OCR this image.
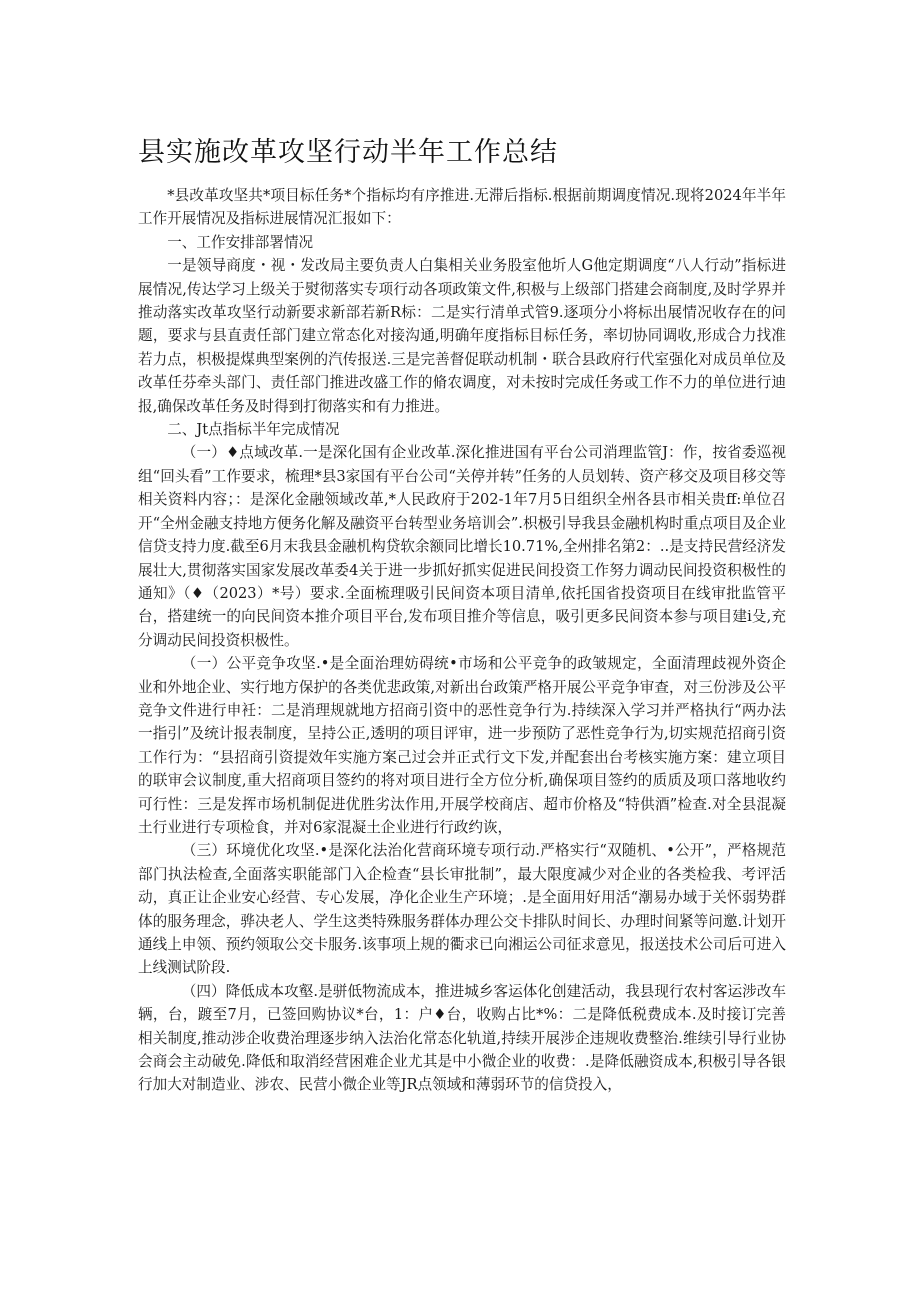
县实施改革攻坚行动半年工作总结

*县改革攻坚共*项目标任务*个指标均有序推进.无滞后指标.根据前期调度情况.现将2024年半年工作开展情况及指标进展情况汇报如下：

一、工作安排部署情况

一是领导商度・视・发改局主要负责人白集相关业务股室他圻人G他定期调度“八人行动”指标进展情况,传达学习上级关于熨彻落实专项行动各项政策文件,积极与上级部门搭建会商制度,及时学界并推动落实改革攻坚行动新要求新部若新R标：二是实行清单式管9.逐项分小将标出展情况收存在的问题，要求与县直责任部门建立常态化对接沟通,明确年度指标目标任务，率切协同调收,形成合力找准若力点，枳极提煤典型案例的汽传报送.三是完善督促联动机制・联合县政府行代室强化对成员单位及改革任芬牵头部门、责任部门推进改盛工作的脩农调度，对未按时完成任务或工作不力的单位进行迪报,确保改革任务及时得到打彻落实和有力推进。

二、Jt点指标半年完成情况

（一）♦点域改革.一是深化国有企业改革.深化推进国有平台公司消理监管J：作，按省委巡视组“回头看”工作要求，梳理*县3家国有平台公司“关停并转”任务的人员划转、资产移交及项目移交等相关资料内容；：是深化金融领域改革,*人民政府于202-1年7月5日组织全州各县市相关贵ff:单位召开“全州金融支持地方便务化解及融资平台转型业务培训会”.枳极引导我县金融机构时重点项目及企业信贷支持力度.截至6月末我县金融机构贷软余额同比增长10.71%,全州排名第2：..是支持民营经济发展壮大,贯彻落实国家发展改革委4关于进一步抓好抓实促进民间投资工作努力调动民间投资积极性的通知》（♦（2023）*号）要求.全面梳理吸引民间资本项目清单,依托国省投资项目在线审批监管平台，搭建统一的向民间资本推介项目平台,发布项目推介等信息，吸引更多民间资本参与项目建i殳,充分调动民间投资枳极性。

（一）公平竞争攻坚.•是全面治理妨碍统•市场和公平竞争的政皱规定，全面清理歧视外资企业和外地企业、实行地方保护的各类优悲政策,对新出台政策严格开展公平竞争审查，对三份涉及公平竞争文件进行申衽：二是消理规就地方招商引资中的恶性竞争行为.持续深入学习并严格执行“两办法一指引”及统计报表制度，呈持公正,透明的项目评审，进一步预防了恶性竞争行为,切实规范招商引资工作行为：“县招商引资提效年实施方案己过会并正式行文下发,并配套出台考核实施方案：建立项目的联审会议制度,重大招商项目签约的将对项目进行全方位分析,确保项目签约的质质及项口落地收约可行性：三是发挥市场机制促进优胜劣汰作用,开展学校商店、超市价格及“特供酒”检查.对全县混凝土行业进行专项检食，并对6家混凝土企业进行行政约诙，

（三）环境优化攻坚.•是深化法治化营商环境专项行动.严格实行“双随机、•公开”，严格规范部门执法检查,全面落实职能部门入企检查“县长审批制”，最大限度减少对企业的各类检我、考评活动，真正让企业安心经营、专心发展，净化企业生产环境；.是全面用好用活“潮易办域于关怀弱势群体的服务理念，骅决老人、学生这类特殊服务群体办理公交卡排队时间长、办理时间紧等问邀.计划开通线上申领、预约领取公交卡服务.该事项上规的衢求已向湘运公司征求意见，报送技术公司后可进入上线测试阶段.

（四）降低成本攻壑.是骈低物流成本，推进城乡客运体化创建活动，我县现行农村客运涉改车辆，台，踱至7月，已签回购协议*台，1：户♦台，收购占比*%：二是降低税费成本.及时接订完善相关制度,推动涉企收费治理逐步纳入法治化常态化轨道,持续开展涉企违规收费整治.维续引导行业协会商会主动破免.降低和取消经营困难企业尤其是中小微企业的收费：.是降低融资成本,积极引导各银行加大对制造业、涉农、民营小微企业等JR点领域和薄弱环节的信贷投入，
